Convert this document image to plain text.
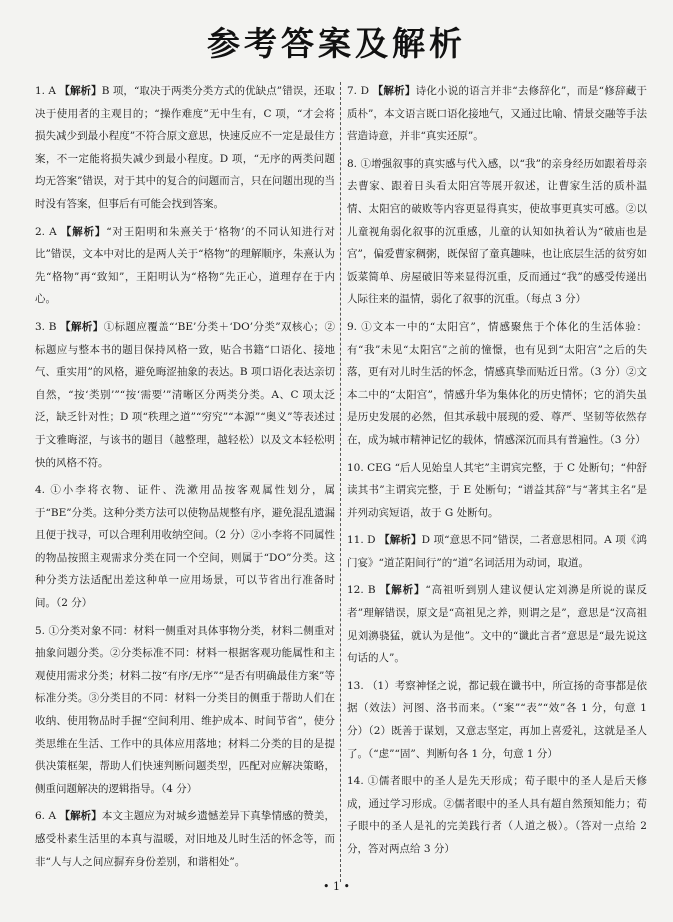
参考答案及解析

1. A 【解析】B 项，“取决于两类分类方式的优缺点”错误，还取决于使用者的主观目的；“操作难度”无中生有，C 项，“才会将损失减少到最小程度”不符合原文意思，快速反应不一定是最佳方案，不一定能将损失减少到最小程度。D 项，“无序的两类问题均无答案”错误，对于其中的复合的问题而言，只在问题出现的当时没有答案，但事后有可能会找到答案。

2. A 【解析】“对王阳明和朱熹关于‘格物’的不同认知进行对比”错误，文本中对比的是两人关于“格物”的理解顺序，朱熹认为先“格物”再“致知”，王阳明认为“格物”先正心，道理存在于内心。

3. B 【解析】①标题应覆盖“‘BE’分类＋‘DO’分类”双核心；②标题应与整本书的题目保持风格一致，贴合书籍“口语化、接地气、重实用”的风格，避免晦涩抽象的表达。B 项口语化表达亲切自然，“按‘类别’”“按‘需要’”清晰区分两类分类。A、C 项太泛泛，缺乏针对性；D 项“秩理之道”“穷究”“本源”“奥义”等表述过于文雅晦涩，与该书的题目（越整理，越轻松）以及文本轻松明快的风格不符。

4. ①小李将衣物、证件、洗漱用品按客观属性划分，属于“BE”分类。这种分类方法可以使物品规整有序，避免混乱遗漏且便于找寻，可以合理利用收纳空间。（2 分）②小李将不同属性的物品按照主观需求分类在同一个空间，则属于“DO”分类。这种分类方法适配出差这种单一应用场景，可以节省出行准备时间。（2 分）

5. ①分类对象不同：材料一侧重对具体事物分类，材料二侧重对抽象问题分类。②分类标准不同：材料一根据客观功能属性和主观使用需求分类；材料二按“有序/无序”“是否有明确最佳方案”等标准分类。③分类目的不同：材料一分类目的侧重于帮助人们在收纳、使用物品时手握“空间利用、维护成本、时间节省”，使分类思维在生活、工作中的具体应用落地；材料二分类的目的是提供决策框架，帮助人们快速判断问题类型，匹配对应解决策略，侧重问题解决的逻辑指导。（4 分）

6. A 【解析】本文主题应为对城乡遗憾差异下真挚情感的赞美，感受朴素生活里的本真与温暖，对旧地及儿时生活的怀念等，而非“人与人之间应摒弃身份差别，和谐相处”。

7. D 【解析】诗化小说的语言并非“去修辞化”，而是“修辞藏于质朴”，本文语言既口语化接地气，又通过比喻、情景交融等手法营造诗意，并非“真实还原”。

8. ①增强叙事的真实感与代入感，以“我”的亲身经历如跟着母亲去曹家、跟着日头看太阳宫等展开叙述，让曹家生活的质朴温情、太阳宫的破败等内容更显得真实，使故事更真实可感。②以儿童视角弱化叙事的沉重感，儿童的认知如执着认为“破庙也是宫”，偏爱曹家稠粥，既保留了童真趣味，也让底层生活的贫穷如饭菜简单、房屋破旧等来显得沉重，反而通过“我”的感受传递出人际往来的温情，弱化了叙事的沉重。（每点 3 分）

9. ①文本一中的“太阳宫”，情感聚焦于个体化的生活体验：有“我”未见“太阳宫”之前的憧憬，也有见到“太阳宫”之后的失落，更有对儿时生活的怀念，情感真挚而贴近日常。（3 分）②文本二中的“太阳宫”，情感升华为集体化的历史情怀；它的消失虽是历史发展的必然，但其承载中展现的爱、尊严、坚韧等依然存在，成为城市精神记忆的载体，情感深沉而具有普遍性。（3 分）

10. CEG “后人见始皇人其宅”主谓宾完整，于 C 处断句；“仲舒读其书”主谓宾完整，于 E 处断句；“谱益其辞”与“著其主名”是并列动宾短语，故于 G 处断句。

11. D 【解析】D 项“意思不同”错误，二者意思相同。A 项《鸿门宴》“道芷阳间行”的“道”名词活用为动词，取道。

12. B 【解析】“高祖听到别人建议便认定刘濞是所说的谋反者”理解错误，原文是“高祖见之养，则谓之是”，意思是“汉高祖见刘濞骁猛，就认为是他”。文中的“谶此言者”意思是“最先说这句话的人”。

13. （1）考察神怪之说，都记载在谶书中，所宣扬的奇事都是依据（效法）河图、洛书而来。（“案”“表”“效”各 1 分，句意 1 分）（2）既善于谋划，又意志坚定，再加上喜爱礼，这就是圣人了。（“虑”“固”、判断句各 1 分，句意 1 分）

14. ①儒者眼中的圣人是先天形成；荀子眼中的圣人是后天修成，通过学习形成。②儒者眼中的圣人具有超自然预知能力；荀子眼中的圣人是礼的完美践行者（人道之极）。（答对一点给 2 分，答对两点给 3 分）

• 1 •
